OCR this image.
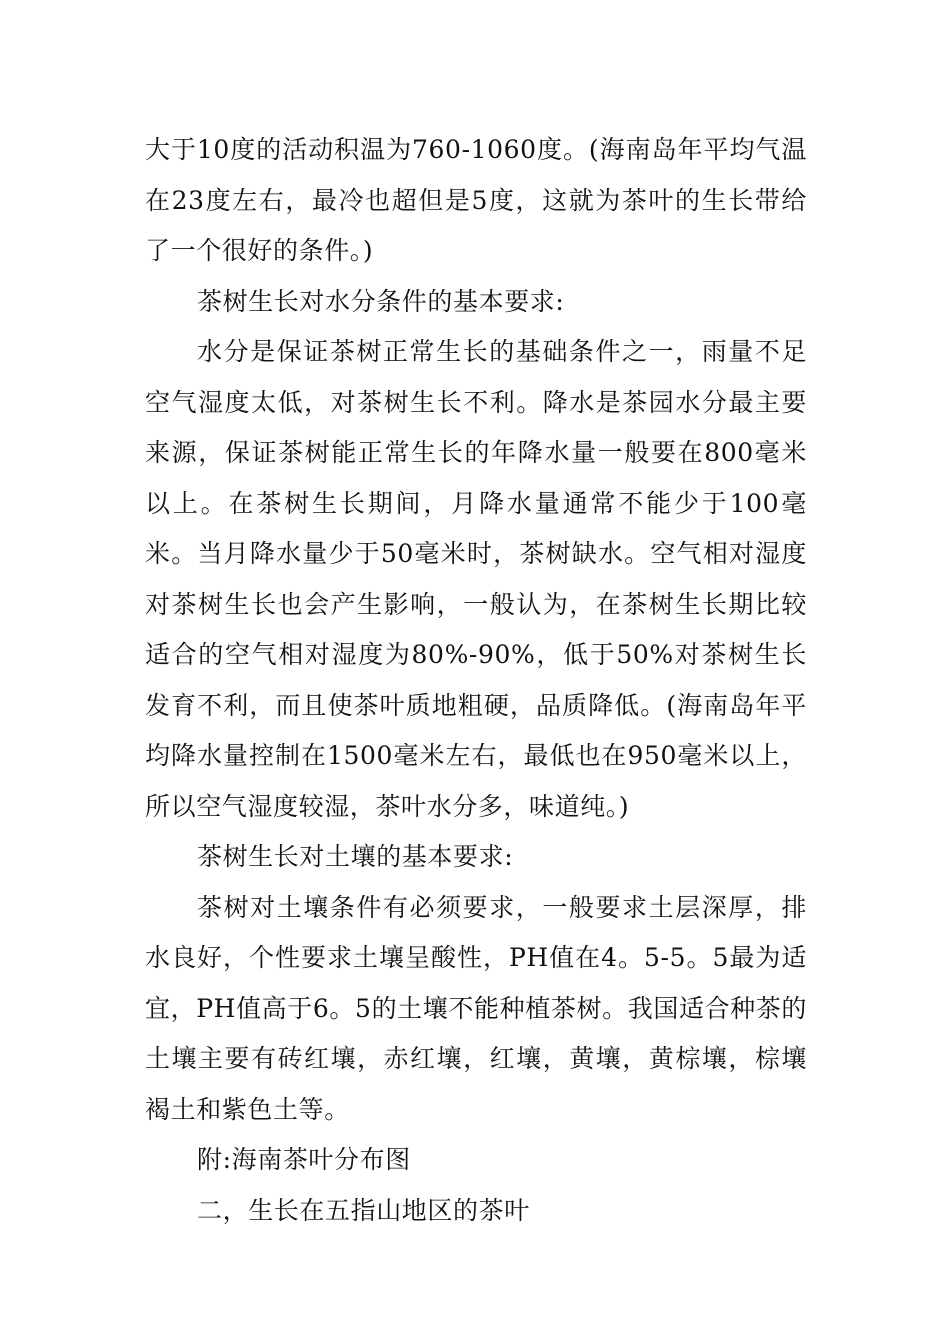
大于10度的活动积温为760-1060度。(海南岛年平均气温在23度左右，最冷也超但是5度，这就为茶叶的生长带给了一个很好的条件。)

茶树生长对水分条件的基本要求:

水分是保证茶树正常生长的基础条件之一，雨量不足空气湿度太低，对茶树生长不利。降水是茶园水分最主要来源，保证茶树能正常生长的年降水量一般要在800毫米以上。在茶树生长期间，月降水量通常不能少于100毫米。当月降水量少于50毫米时，茶树缺水。空气相对湿度对茶树生长也会产生影响，一般认为，在茶树生长期比较适合的空气相对湿度为80%-90%，低于50%对茶树生长发育不利，而且使茶叶质地粗硬，品质降低。(海南岛年平均降水量控制在1500毫米左右，最低也在950毫米以上，所以空气湿度较湿，茶叶水分多，味道纯。)

茶树生长对土壤的基本要求:

茶树对土壤条件有必须要求，一般要求土层深厚，排水良好，个性要求土壤呈酸性，PH值在4。5-5。5最为适宜，PH值高于6。5的土壤不能种植茶树。我国适合种茶的土壤主要有砖红壤，赤红壤，红壤，黄壤，黄棕壤，棕壤褐土和紫色土等。

附:海南茶叶分布图

二，生长在五指山地区的茶叶
